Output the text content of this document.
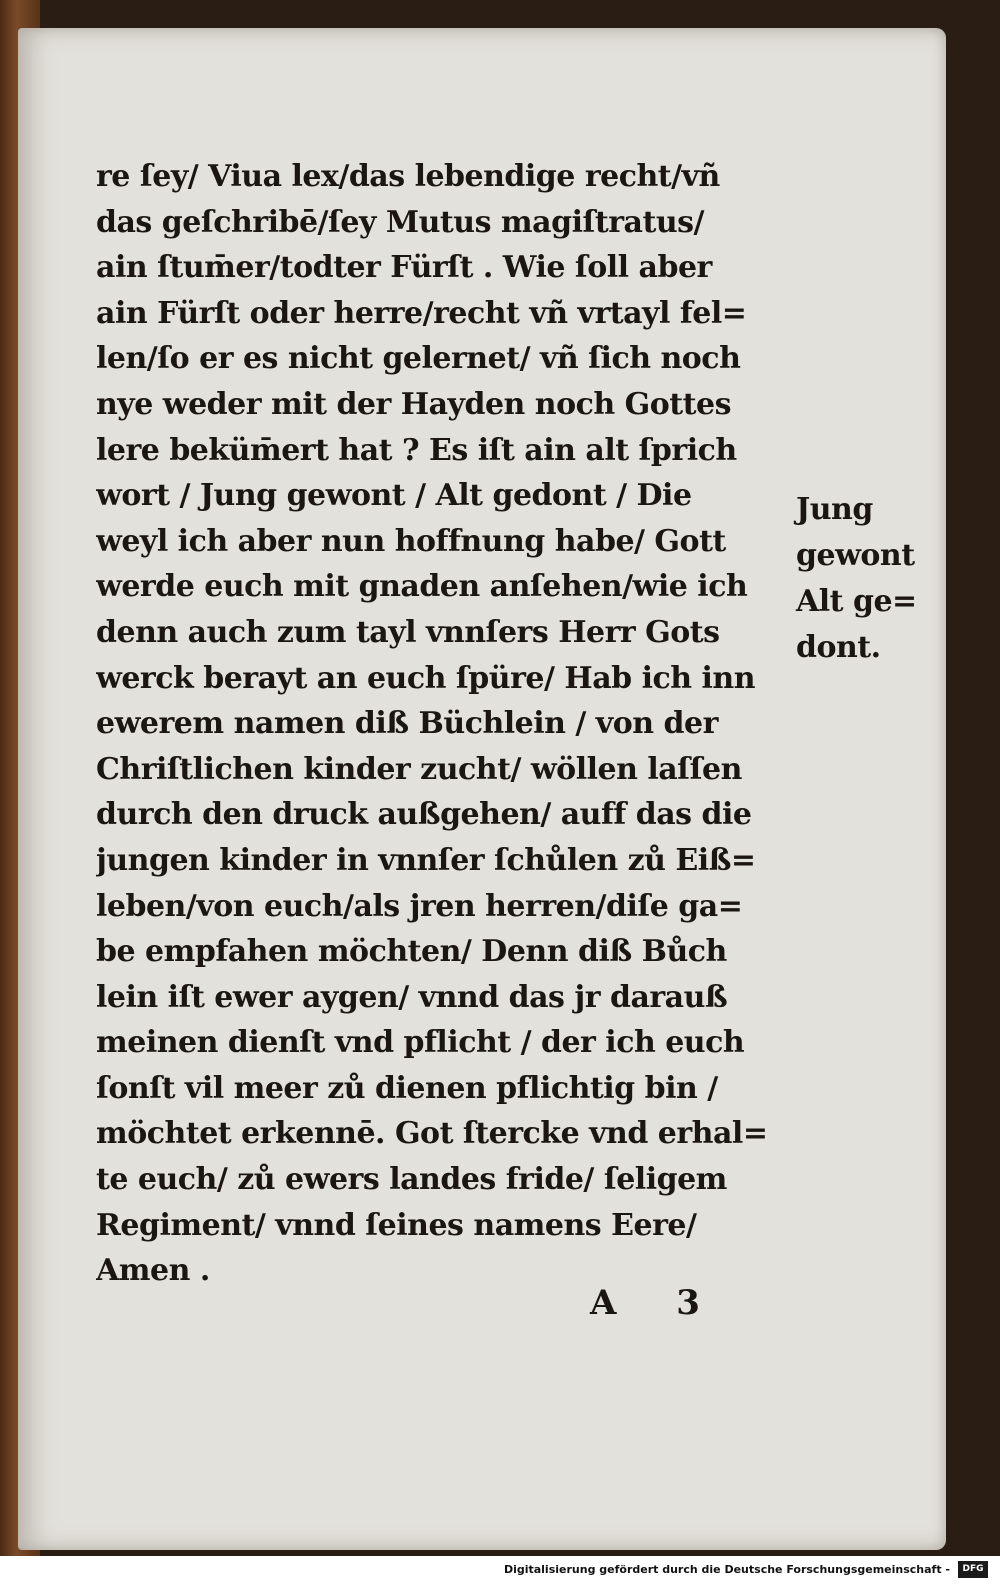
re ſey/ Viua lex/das lebendige recht/vñ
das geſchribē/ſey Mutus magiſtratus/
ain ſtum̄er/todter Fürſt . Wie ſoll aber
ain Fürſt oder herre/recht vñ vrtayl fel=
len/ſo er es nicht gelernet/ vñ ſich noch
nye weder mit der Hayden noch Gottes
lere beküm̄ert hat ? Es iſt ain alt ſprich
wort / Jung gewont / Alt gedont / Die
weyl ich aber nun hoffnung habe/ Gott
werde euch mit gnaden anſehen/wie ich
denn auch zum tayl vnnſers Herr Gots
werck berayt an euch ſpüre/ Hab ich inn
ewerem namen diß Büchlein / von der
Chriſtlichen kinder zucht/ wöllen laſſen
durch den druck außgehen/ auff das die
jungen kinder in vnnſer ſchůlen zů Eiß=
leben/von euch/als jren herren/diſe ga=
be empfahen möchten/ Denn diß Bůch
lein iſt ewer aygen/ vnnd das jr darauß
meinen dienſt vnd pflicht / der ich euch
ſonſt vil meer zů dienen pflichtig bin /
möchtet erkennē. Got ſtercke vnd erhal=
te euch/ zů ewers landes fride/ ſeligem
Regiment/ vnnd ſeines namens Eere/
Amen .
Jung
gewont
Alt ge=
dont.
A 3
Digitalisierung gefördert durch die Deutsche Forschungsgemeinschaft -	DFG
